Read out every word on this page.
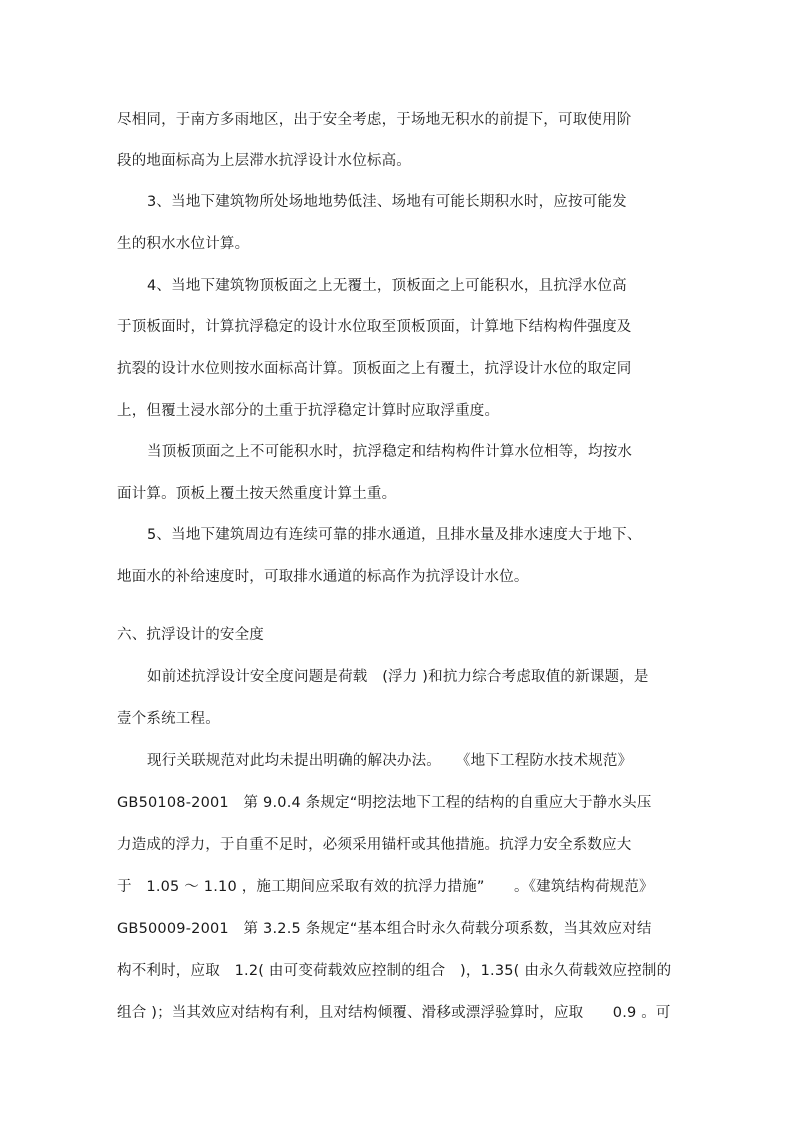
尽相同，于南方多雨地区，出于安全考虑，于场地无积水的前提下，可取使用阶
段的地面标高为上层滞水抗浮设计水位标高。
3、当地下建筑物所处场地地势低洼、场地有可能长期积水时，应按可能发
生的积水水位计算。
4、当地下建筑物顶板面之上无覆土，顶板面之上可能积水，且抗浮水位高
于顶板面时，计算抗浮稳定的设计水位取至顶板顶面，计算地下结构构件强度及
抗裂的设计水位则按水面标高计算。顶板面之上有覆土，抗浮设计水位的取定同
上，但覆土浸水部分的土重于抗浮稳定计算时应取浮重度。
当顶板顶面之上不可能积水时，抗浮稳定和结构构件计算水位相等，均按水
面计算。顶板上覆土按天然重度计算土重。
5、当地下建筑周边有连续可靠的排水通道，且排水量及排水速度大于地下、
地面水的补给速度时，可取排水通道的标高作为抗浮设计水位。
六、抗浮设计的安全度
如前述抗浮设计安全度问题是荷载　(浮力 )和抗力综合考虑取值的新课题，是
壹个系统工程。
现行关联规范对此均未提出明确的解决办法。　　《地下工程防水技术规范》
GB50108-2001　第 9.0.4 条规定“明挖法地下工程的结构的自重应大于静水头压
力造成的浮力，于自重不足时，必须采用锚杆或其他措施。抗浮力安全系数应大
于　1.05 ～ 1.10 ，施工期间应采取有效的抗浮力措施”　　。《建筑结构荷规范》
GB50009-2001　第 3.2.5 条规定“基本组合时永久荷载分项系数，当其效应对结
构不利时，应取　1.2( 由可变荷载效应控制的组合　)，1.35( 由永久荷载效应控制的
组合 )；当其效应对结构有利，且对结构倾覆、滑移或漂浮验算时，应取　　0.9 。可
